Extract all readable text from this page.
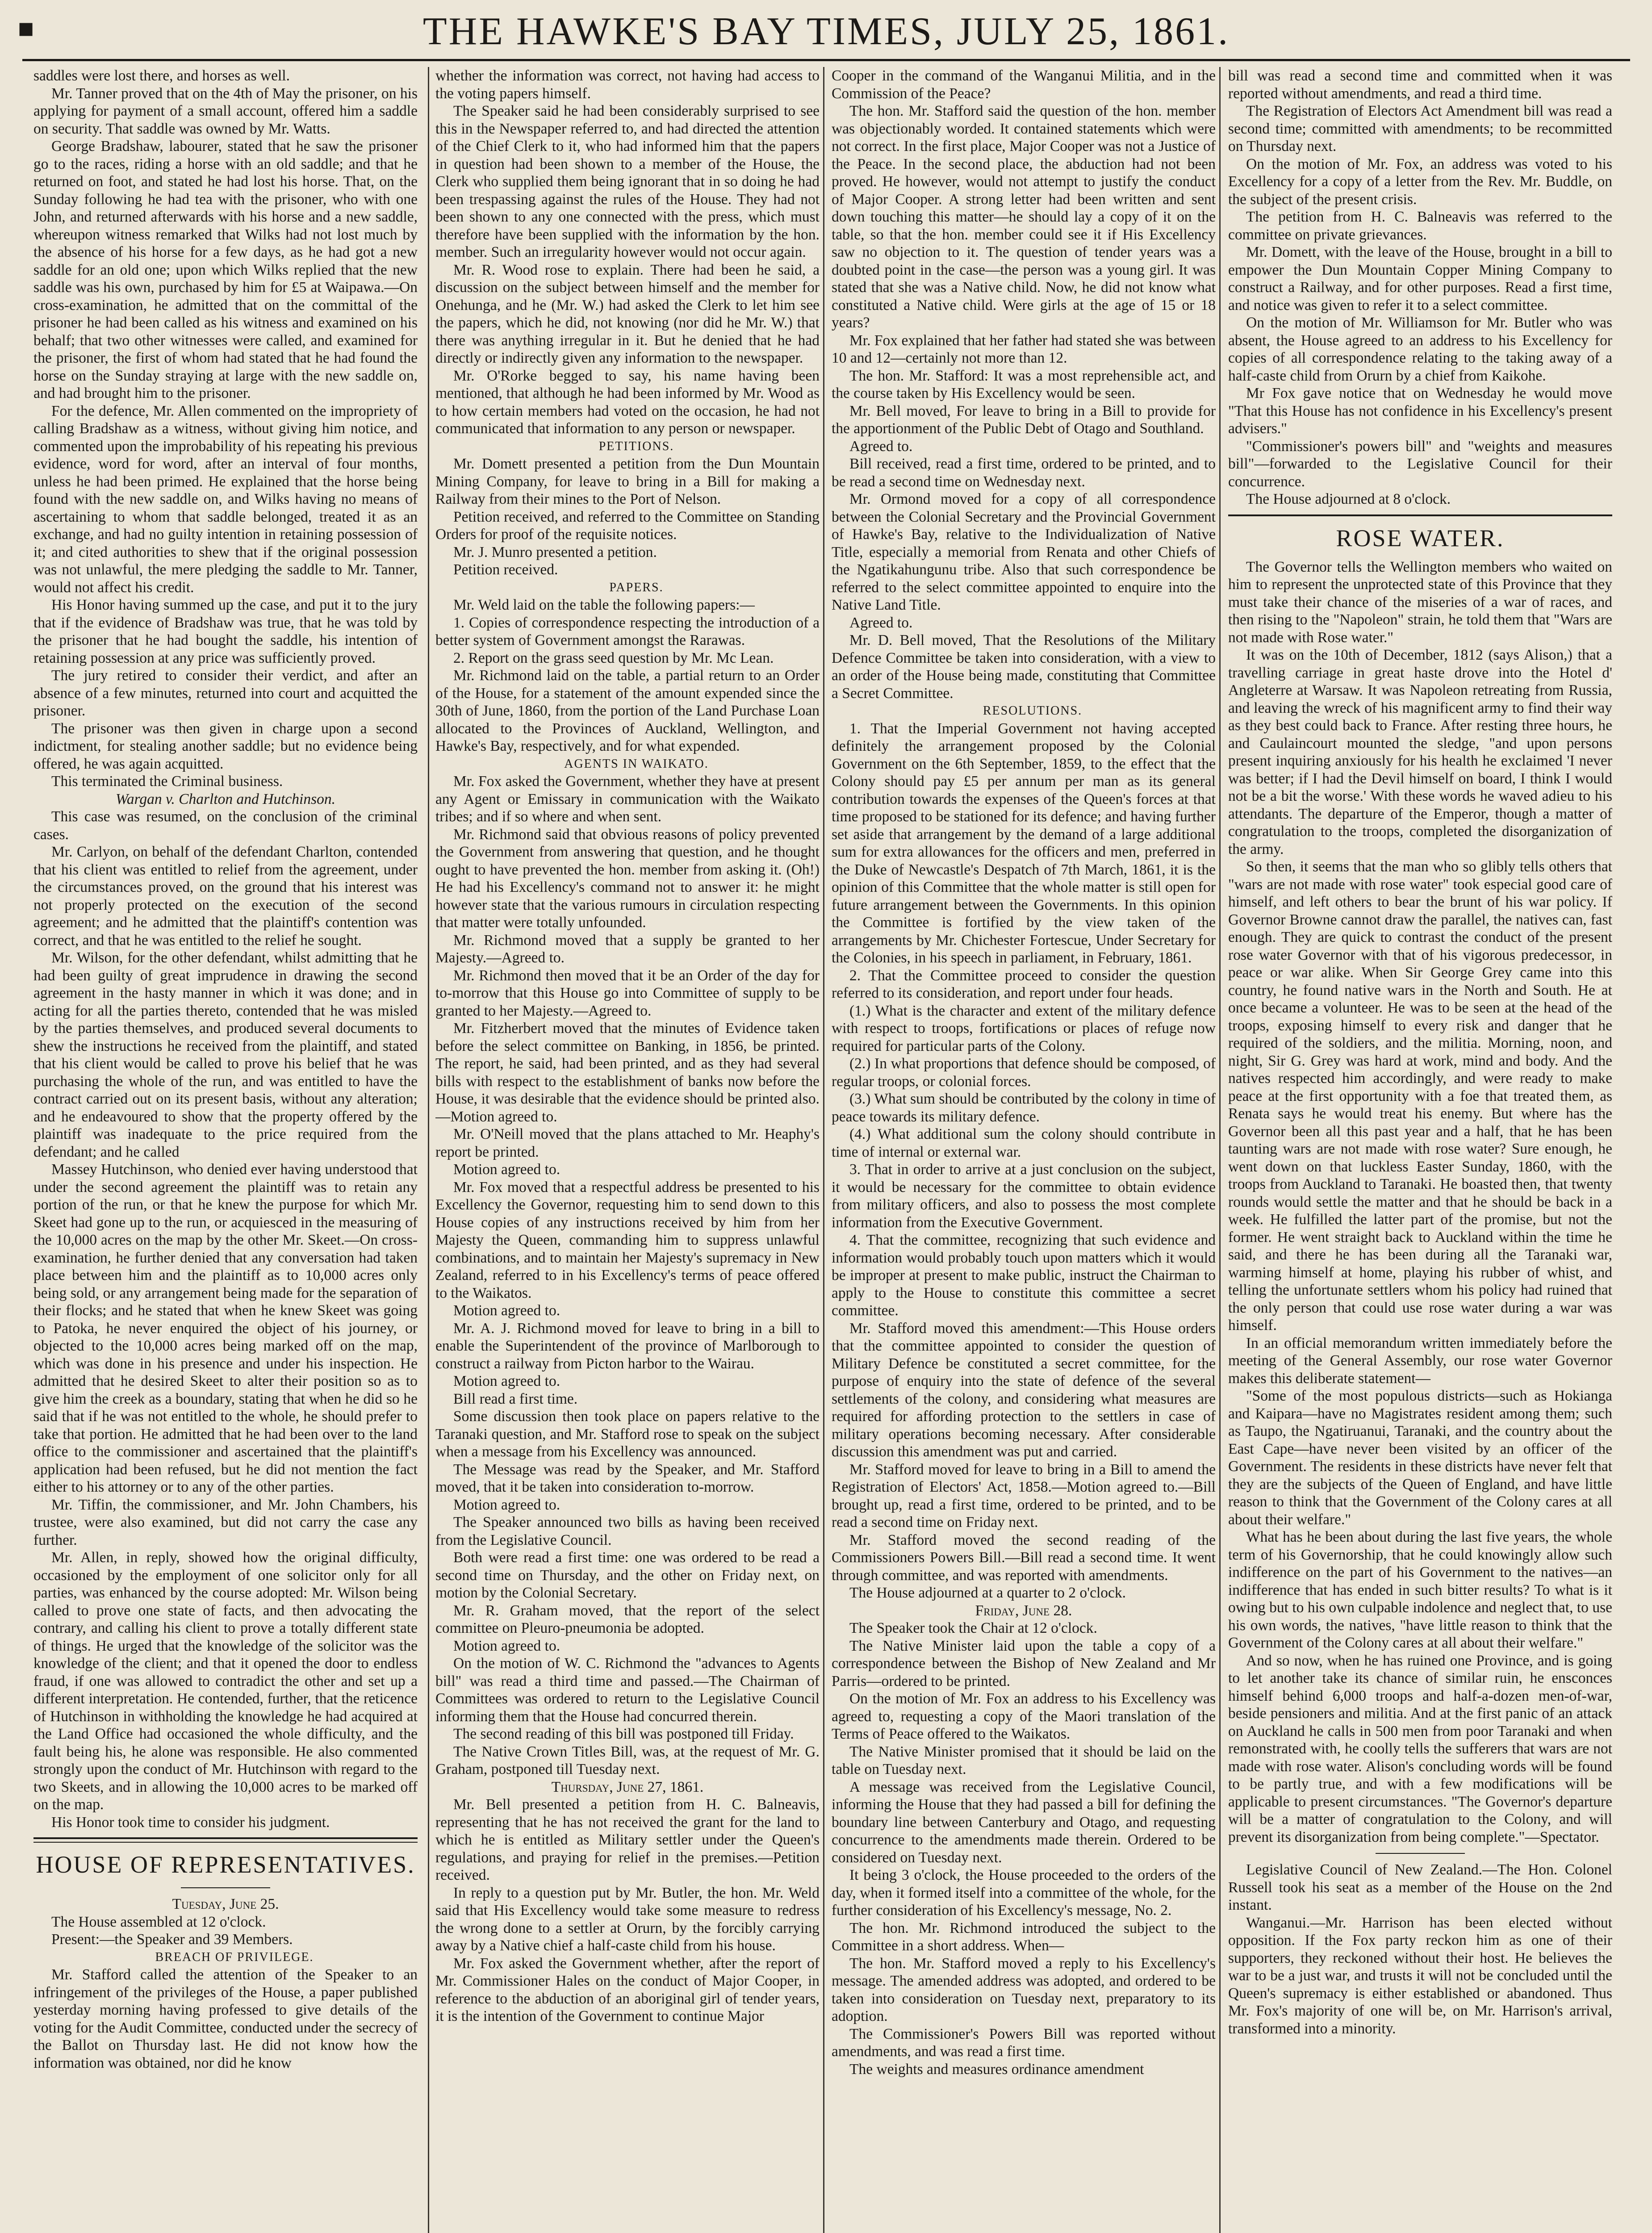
■	THE HAWKE'S BAY TIMES, JULY 25, 1861.

saddles were lost there, and horses as well.

Mr. Tanner proved that on the 4th of May the prisoner, on his applying for payment of a small account, offered him a saddle on security. That saddle was owned by Mr. Watts.

George Bradshaw, labourer, stated that he saw the prisoner go to the races, riding a horse with an old saddle; and that he returned on foot, and stated he had lost his horse. That, on the Sunday following he had tea with the prisoner, who with one John, and returned afterwards with his horse and a new saddle, whereupon witness remarked that Wilks had not lost much by the absence of his horse for a few days, as he had got a new saddle for an old one; upon which Wilks replied that the new saddle was his own, purchased by him for £5 at Waipawa.—On cross-examination, he admitted that on the committal of the prisoner he had been called as his witness and examined on his behalf; that two other witnesses were called, and examined for the prisoner, the first of whom had stated that he had found the horse on the Sunday straying at large with the new saddle on, and had brought him to the prisoner.

For the defence, Mr. Allen commented on the impropriety of calling Bradshaw as a witness, without giving him notice, and commented upon the improbability of his repeating his previous evidence, word for word, after an interval of four months, unless he had been primed. He explained that the horse being found with the new saddle on, and Wilks having no means of ascertaining to whom that saddle belonged, treated it as an exchange, and had no guilty intention in retaining possession of it; and cited authorities to shew that if the original possession was not unlawful, the mere pledging the saddle to Mr. Tanner, would not affect his credit.

His Honor having summed up the case, and put it to the jury that if the evidence of Bradshaw was true, that he was told by the prisoner that he had bought the saddle, his intention of retaining possession at any price was sufficiently proved.

The jury retired to consider their verdict, and after an absence of a few minutes, returned into court and acquitted the prisoner.

The prisoner was then given in charge upon a second indictment, for stealing another saddle; but no evidence being offered, he was again acquitted.

This terminated the Criminal business.

Wargan v. Charlton and Hutchinson.

This case was resumed, on the conclusion of the criminal cases.

Mr. Carlyon, on behalf of the defendant Charlton, contended that his client was entitled to relief from the agreement, under the circumstances proved, on the ground that his interest was not properly protected on the execution of the second agreement; and he admitted that the plaintiff's contention was correct, and that he was entitled to the relief he sought.

Mr. Wilson, for the other defendant, whilst admitting that he had been guilty of great imprudence in drawing the second agreement in the hasty manner in which it was done; and in acting for all the parties thereto, contended that he was misled by the parties themselves, and produced several documents to shew the instructions he received from the plaintiff, and stated that his client would be called to prove his belief that he was purchasing the whole of the run, and was entitled to have the contract carried out on its present basis, without any alteration; and he endeavoured to show that the property offered by the plaintiff was inadequate to the price required from the defendant; and he called

Massey Hutchinson, who denied ever having understood that under the second agreement the plaintiff was to retain any portion of the run, or that he knew the purpose for which Mr. Skeet had gone up to the run, or acquiesced in the measuring of the 10,000 acres on the map by the other Mr. Skeet.—On cross-examination, he further denied that any conversation had taken place between him and the plaintiff as to 10,000 acres only being sold, or any arrangement being made for the separation of their flocks; and he stated that when he knew Skeet was going to Patoka, he never enquired the object of his journey, or objected to the 10,000 acres being marked off on the map, which was done in his presence and under his inspection. He admitted that he desired Skeet to alter their position so as to give him the creek as a boundary, stating that when he did so he said that if he was not entitled to the whole, he should prefer to take that portion. He admitted that he had been over to the land office to the commissioner and ascertained that the plaintiff's application had been refused, but he did not mention the fact either to his attorney or to any of the other parties.

Mr. Tiffin, the commissioner, and Mr. John Chambers, his trustee, were also examined, but did not carry the case any further.

Mr. Allen, in reply, showed how the original difficulty, occasioned by the employment of one solicitor only for all parties, was enhanced by the course adopted: Mr. Wilson being called to prove one state of facts, and then advocating the contrary, and calling his client to prove a totally different state of things. He urged that the knowledge of the solicitor was the knowledge of the client; and that it opened the door to endless fraud, if one was allowed to contradict the other and set up a different interpretation. He contended, further, that the reticence of Hutchinson in withholding the knowledge he had acquired at the Land Office had occasioned the whole difficulty, and the fault being his, he alone was responsible. He also commented strongly upon the conduct of Mr. Hutchinson with regard to the two Skeets, and in allowing the 10,000 acres to be marked off on the map.

His Honor took time to consider his judgment.

HOUSE OF REPRESENTATIVES.

Tuesday, June 25.

The House assembled at 12 o'clock.

Present:—the Speaker and 39 Members.

BREACH OF PRIVILEGE.

Mr. Stafford called the attention of the Speaker to an infringement of the privileges of the House, a paper published yesterday morning having professed to give details of the voting for the Audit Committee, conducted under the secrecy of the Ballot on Thursday last. He did not know how the information was obtained, nor did he know

whether the information was correct, not having had access to the voting papers himself.

The Speaker said he had been considerably surprised to see this in the Newspaper referred to, and had directed the attention of the Chief Clerk to it, who had informed him that the papers in question had been shown to a member of the House, the Clerk who supplied them being ignorant that in so doing he had been trespassing against the rules of the House. They had not been shown to any one connected with the press, which must therefore have been supplied with the information by the hon. member. Such an irregularity however would not occur again.

Mr. R. Wood rose to explain. There had been he said, a discussion on the subject between himself and the member for Onehunga, and he (Mr. W.) had asked the Clerk to let him see the papers, which he did, not knowing (nor did he Mr. W.) that there was anything irregular in it. But he denied that he had directly or indirectly given any information to the newspaper.

Mr. O'Rorke begged to say, his name having been mentioned, that although he had been informed by Mr. Wood as to how certain members had voted on the occasion, he had not communicated that information to any person or newspaper.

PETITIONS.

Mr. Domett presented a petition from the Dun Mountain Mining Company, for leave to bring in a Bill for making a Railway from their mines to the Port of Nelson.

Petition received, and referred to the Committee on Standing Orders for proof of the requisite notices.

Mr. J. Munro presented a petition.

Petition received.

PAPERS.

Mr. Weld laid on the table the following papers:—

1. Copies of correspondence respecting the introduction of a better system of Government amongst the Rarawas.

2. Report on the grass seed question by Mr. Mc Lean.

Mr. Richmond laid on the table, a partial return to an Order of the House, for a statement of the amount expended since the 30th of June, 1860, from the portion of the Land Purchase Loan allocated to the Provinces of Auckland, Wellington, and Hawke's Bay, respectively, and for what expended.

AGENTS IN WAIKATO.

Mr. Fox asked the Government, whether they have at present any Agent or Emissary in communication with the Waikato tribes; and if so where and when sent.

Mr. Richmond said that obvious reasons of policy prevented the Government from answering that question, and he thought ought to have prevented the hon. member from asking it. (Oh!) He had his Excellency's command not to answer it: he might however state that the various rumours in circulation respecting that matter were totally unfounded.

Mr. Richmond moved that a supply be granted to her Majesty.—Agreed to.

Mr. Richmond then moved that it be an Order of the day for to-morrow that this House go into Committee of supply to be granted to her Majesty.—Agreed to.

Mr. Fitzherbert moved that the minutes of Evidence taken before the select committee on Banking, in 1856, be printed. The report, he said, had been printed, and as they had several bills with respect to the establishment of banks now before the House, it was desirable that the evidence should be printed also.—Motion agreed to.

Mr. O'Neill moved that the plans attached to Mr. Heaphy's report be printed.

Motion agreed to.

Mr. Fox moved that a respectful address be presented to his Excellency the Governor, requesting him to send down to this House copies of any instructions received by him from her Majesty the Queen, commanding him to suppress unlawful combinations, and to maintain her Majesty's supremacy in New Zealand, referred to in his Excellency's terms of peace offered to the Waikatos.

Motion agreed to.

Mr. A. J. Richmond moved for leave to bring in a bill to enable the Superintendent of the province of Marlborough to construct a railway from Picton harbor to the Wairau.

Motion agreed to.

Bill read a first time.

Some discussion then took place on papers relative to the Taranaki question, and Mr. Stafford rose to speak on the subject when a message from his Excellency was announced.

The Message was read by the Speaker, and Mr. Stafford moved, that it be taken into consideration to-morrow.

Motion agreed to.

The Speaker announced two bills as having been received from the Legislative Council.

Both were read a first time: one was ordered to be read a second time on Thursday, and the other on Friday next, on motion by the Colonial Secretary.

Mr. R. Graham moved, that the report of the select committee on Pleuro-pneumonia be adopted.

Motion agreed to.

On the motion of W. C. Richmond the "advances to Agents bill" was read a third time and passed.—The Chairman of Committees was ordered to return to the Legislative Council informing them that the House had concurred therein.

The second reading of this bill was postponed till Friday.

The Native Crown Titles Bill, was, at the request of Mr. G. Graham, postponed till Tuesday next.

Thursday, June 27, 1861.

Mr. Bell presented a petition from H. C. Balneavis, representing that he has not received the grant for the land to which he is entitled as Military settler under the Queen's regulations, and praying for relief in the premises.—Petition received.

In reply to a question put by Mr. Butler, the hon. Mr. Weld said that His Excellency would take some measure to redress the wrong done to a settler at Orurn, by the forcibly carrying away by a Native chief a half-caste child from his house.

Mr. Fox asked the Government whether, after the report of Mr. Commissioner Hales on the conduct of Major Cooper, in reference to the abduction of an aboriginal girl of tender years, it is the intention of the Government to continue Major

Cooper in the command of the Wanganui Militia, and in the Commission of the Peace?

The hon. Mr. Stafford said the question of the hon. member was objectionably worded. It contained statements which were not correct. In the first place, Major Cooper was not a Justice of the Peace. In the second place, the abduction had not been proved. He however, would not attempt to justify the conduct of Major Cooper. A strong letter had been written and sent down touching this matter—he should lay a copy of it on the table, so that the hon. member could see it if His Excellency saw no objection to it. The question of tender years was a doubted point in the case—the person was a young girl. It was stated that she was a Native child. Now, he did not know what constituted a Native child. Were girls at the age of 15 or 18 years?

Mr. Fox explained that her father had stated she was between 10 and 12—certainly not more than 12.

The hon. Mr. Stafford: It was a most reprehensible act, and the course taken by His Excellency would be seen.

Mr. Bell moved, For leave to bring in a Bill to provide for the apportionment of the Public Debt of Otago and Southland.

Agreed to.

Bill received, read a first time, ordered to be printed, and to be read a second time on Wednesday next.

Mr. Ormond moved for a copy of all correspondence between the Colonial Secretary and the Provincial Government of Hawke's Bay, relative to the Individualization of Native Title, especially a memorial from Renata and other Chiefs of the Ngatikahungunu tribe. Also that such correspondence be referred to the select committee appointed to enquire into the Native Land Title.

Agreed to.

Mr. D. Bell moved, That the Resolutions of the Military Defence Committee be taken into consideration, with a view to an order of the House being made, constituting that Committee a Secret Committee.

RESOLUTIONS.

1. That the Imperial Government not having accepted definitely the arrangement proposed by the Colonial Government on the 6th September, 1859, to the effect that the Colony should pay £5 per annum per man as its general contribution towards the expenses of the Queen's forces at that time proposed to be stationed for its defence; and having further set aside that arrangement by the demand of a large additional sum for extra allowances for the officers and men, preferred in the Duke of Newcastle's Despatch of 7th March, 1861, it is the opinion of this Committee that the whole matter is still open for future arrangement between the Governments. In this opinion the Committee is fortified by the view taken of the arrangements by Mr. Chichester Fortescue, Under Secretary for the Colonies, in his speech in parliament, in February, 1861.

2. That the Committee proceed to consider the question referred to its consideration, and report under four heads.

(1.) What is the character and extent of the military defence with respect to troops, fortifications or places of refuge now required for particular parts of the Colony.

(2.) In what proportions that defence should be composed, of regular troops, or colonial forces.

(3.) What sum should be contributed by the colony in time of peace towards its military defence.

(4.) What additional sum the colony should contribute in time of internal or external war.

3. That in order to arrive at a just conclusion on the subject, it would be necessary for the committee to obtain evidence from military officers, and also to possess the most complete information from the Executive Government.

4. That the committee, recognizing that such evidence and information would probably touch upon matters which it would be improper at present to make public, instruct the Chairman to apply to the House to constitute this committee a secret committee.

Mr. Stafford moved this amendment:—This House orders that the committee appointed to consider the question of Military Defence be constituted a secret committee, for the purpose of enquiry into the state of defence of the several settlements of the colony, and considering what measures are required for affording protection to the settlers in case of military operations becoming necessary. After considerable discussion this amendment was put and carried.

Mr. Stafford moved for leave to bring in a Bill to amend the Registration of Electors' Act, 1858.—Motion agreed to.—Bill brought up, read a first time, ordered to be printed, and to be read a second time on Friday next.

Mr. Stafford moved the second reading of the Commissioners Powers Bill.—Bill read a second time. It went through committee, and was reported with amendments.

The House adjourned at a quarter to 2 o'clock.

Friday, June 28.

The Speaker took the Chair at 12 o'clock.

The Native Minister laid upon the table a copy of a correspondence between the Bishop of New Zealand and Mr Parris—ordered to be printed.

On the motion of Mr. Fox an address to his Excellency was agreed to, requesting a copy of the Maori translation of the Terms of Peace offered to the Waikatos.

The Native Minister promised that it should be laid on the table on Tuesday next.

A message was received from the Legislative Council, informing the House that they had passed a bill for defining the boundary line between Canterbury and Otago, and requesting concurrence to the amendments made therein. Ordered to be considered on Tuesday next.

It being 3 o'clock, the House proceeded to the orders of the day, when it formed itself into a committee of the whole, for the further consideration of his Excellency's message, No. 2.

The hon. Mr. Richmond introduced the subject to the Committee in a short address. When—

The hon. Mr. Stafford moved a reply to his Excellency's message. The amended address was adopted, and ordered to be taken into consideration on Tuesday next, preparatory to its adoption.

The Commissioner's Powers Bill was reported without amendments, and was read a first time.

The weights and measures ordinance amendment

bill was read a second time and committed when it was reported without amendments, and read a third time.

The Registration of Electors Act Amendment bill was read a second time; committed with amendments; to be recommitted on Thursday next.

On the motion of Mr. Fox, an address was voted to his Excellency for a copy of a letter from the Rev. Mr. Buddle, on the subject of the present crisis.

The petition from H. C. Balneavis was referred to the committee on private grievances.

Mr. Domett, with the leave of the House, brought in a bill to empower the Dun Mountain Copper Mining Company to construct a Railway, and for other purposes. Read a first time, and notice was given to refer it to a select committee.

On the motion of Mr. Williamson for Mr. Butler who was absent, the House agreed to an address to his Excellency for copies of all correspondence relating to the taking away of a half-caste child from Orurn by a chief from Kaikohe.

Mr Fox gave notice that on Wednesday he would move "That this House has not confidence in his Excellency's present advisers."

"Commissioner's powers bill" and "weights and measures bill"—forwarded to the Legislative Council for their concurrence.

The House adjourned at 8 o'clock.

ROSE WATER.

The Governor tells the Wellington members who waited on him to represent the unprotected state of this Province that they must take their chance of the miseries of a war of races, and then rising to the "Napoleon" strain, he told them that "Wars are not made with Rose water."

It was on the 10th of December, 1812 (says Alison,) that a travelling carriage in great haste drove into the Hotel d' Angleterre at Warsaw. It was Napoleon retreating from Russia, and leaving the wreck of his magnificent army to find their way as they best could back to France. After resting three hours, he and Caulaincourt mounted the sledge, "and upon persons present inquiring anxiously for his health he exclaimed 'I never was better; if I had the Devil himself on board, I think I would not be a bit the worse.' With these words he waved adieu to his attendants. The departure of the Emperor, though a matter of congratulation to the troops, completed the disorganization of the army.

So then, it seems that the man who so glibly tells others that "wars are not made with rose water" took especial good care of himself, and left others to bear the brunt of his war policy. If Governor Browne cannot draw the parallel, the natives can, fast enough. They are quick to contrast the conduct of the present rose water Governor with that of his vigorous predecessor, in peace or war alike. When Sir George Grey came into this country, he found native wars in the North and South. He at once became a volunteer. He was to be seen at the head of the troops, exposing himself to every risk and danger that he required of the soldiers, and the militia. Morning, noon, and night, Sir G. Grey was hard at work, mind and body. And the natives respected him accordingly, and were ready to make peace at the first opportunity with a foe that treated them, as Renata says he would treat his enemy. But where has the Governor been all this past year and a half, that he has been taunting wars are not made with rose water? Sure enough, he went down on that luckless Easter Sunday, 1860, with the troops from Auckland to Taranaki. He boasted then, that twenty rounds would settle the matter and that he should be back in a week. He fulfilled the latter part of the promise, but not the former. He went straight back to Auckland within the time he said, and there he has been during all the Taranaki war, warming himself at home, playing his rubber of whist, and telling the unfortunate settlers whom his policy had ruined that the only person that could use rose water during a war was himself.

In an official memorandum written immediately before the meeting of the General Assembly, our rose water Governor makes this deliberate statement—

"Some of the most populous districts—such as Hokianga and Kaipara—have no Magistrates resident among them; such as Taupo, the Ngatiruanui, Taranaki, and the country about the East Cape—have never been visited by an officer of the Government. The residents in these districts have never felt that they are the subjects of the Queen of England, and have little reason to think that the Government of the Colony cares at all about their welfare."

What has he been about during the last five years, the whole term of his Governorship, that he could knowingly allow such indifference on the part of his Government to the natives—an indifference that has ended in such bitter results? To what is it owing but to his own culpable indolence and neglect that, to use his own words, the natives, "have little reason to think that the Government of the Colony cares at all about their welfare."

And so now, when he has ruined one Province, and is going to let another take its chance of similar ruin, he ensconces himself behind 6,000 troops and half-a-dozen men-of-war, beside pensioners and militia. And at the first panic of an attack on Auckland he calls in 500 men from poor Taranaki and when remonstrated with, he coolly tells the sufferers that wars are not made with rose water. Alison's concluding words will be found to be partly true, and with a few modifications will be applicable to present circumstances. "The Governor's departure will be a matter of congratulation to the Colony, and will prevent its disorganization from being complete."—Spectator.

Legislative Council of New Zealand.—The Hon. Colonel Russell took his seat as a member of the House on the 2nd instant.

Wanganui.—Mr. Harrison has been elected without opposition. If the Fox party reckon him as one of their supporters, they reckoned without their host. He believes the war to be a just war, and trusts it will not be concluded until the Queen's supremacy is either established or abandoned. Thus Mr. Fox's majority of one will be, on Mr. Harrison's arrival, transformed into a minority.
